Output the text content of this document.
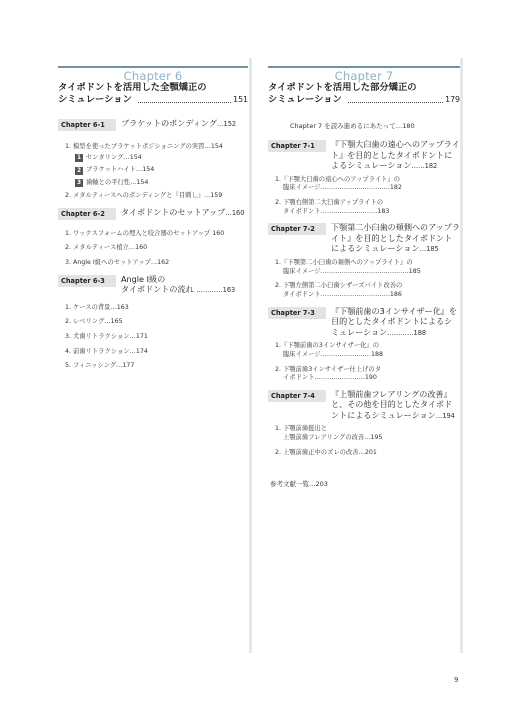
Chapter 6
タイポドントを活用した全顎矯正の
シミュレーション	151
Chapter 6-1	ブラケットのボンディング…152
1. 模型を使ったブラケットポジショニングの実習…154
1 センタリング…154
2 ブラケットハイト…154
3 歯軸との平行性…154
2. メタルティースへのボンディングと『目刺し』…159
Chapter 6-2	タイポドントのセットアップ…160
1. ワックスフォームの埋入と咬合器のセットアップ 160
2. メタルティース植立…160
3. Angle Ⅰ級へのセットアップ…162
Chapter 6-3	Angle Ⅰ級の
タイポドントの流れ …………163
1. ケースの背景…163
2. レベリング…165
3. 犬歯リトラクション…171
4. 前歯リトラクション…174
5. フィニッシング…177
Chapter 7
タイポドントを活用した部分矯正の
シミュレーション	179
Chapter 7 を読み進めるにあたって…180
Chapter 7-1	『下顎大臼歯の遠心へのアップライト』を目的としたタイポドントによるシミュレーション……182
1.『下顎大臼歯の遠心へのアップライト』の
臨床イメージ……………………………182
2. 下顎右側第二大臼歯アップライトの
タイポドント………………………183
Chapter 7-2	下顎第二小臼歯の頬側へのアップライト』を目的としたタイポドントによるシミュレーション…185
1.『下顎第二小臼歯の頬側へのアップライト』の
臨床イメージ……………………………………185
2. 下顎左側第二小臼歯シザーズバイト改善の
タイポドント……………………………186
Chapter 7-3	『下顎前歯の3インサイザー化』を目的としたタイポドントによるシミュレーション…………188
1.『下顎前歯の3インサイザー化』の
臨床イメージ……………………188
2. 下顎前歯3インサイザー仕上げのタ
イポドント……………………190
Chapter 7-4	『上顎前歯フレアリングの改善』と、その他を目的としたタイポドントによるシミュレーション…194
1. 下顎前歯挺出と
上顎前歯フレアリングの改善…195
2. 上顎前歯正中のズレの改善…201
参考文献一覧…203
9
